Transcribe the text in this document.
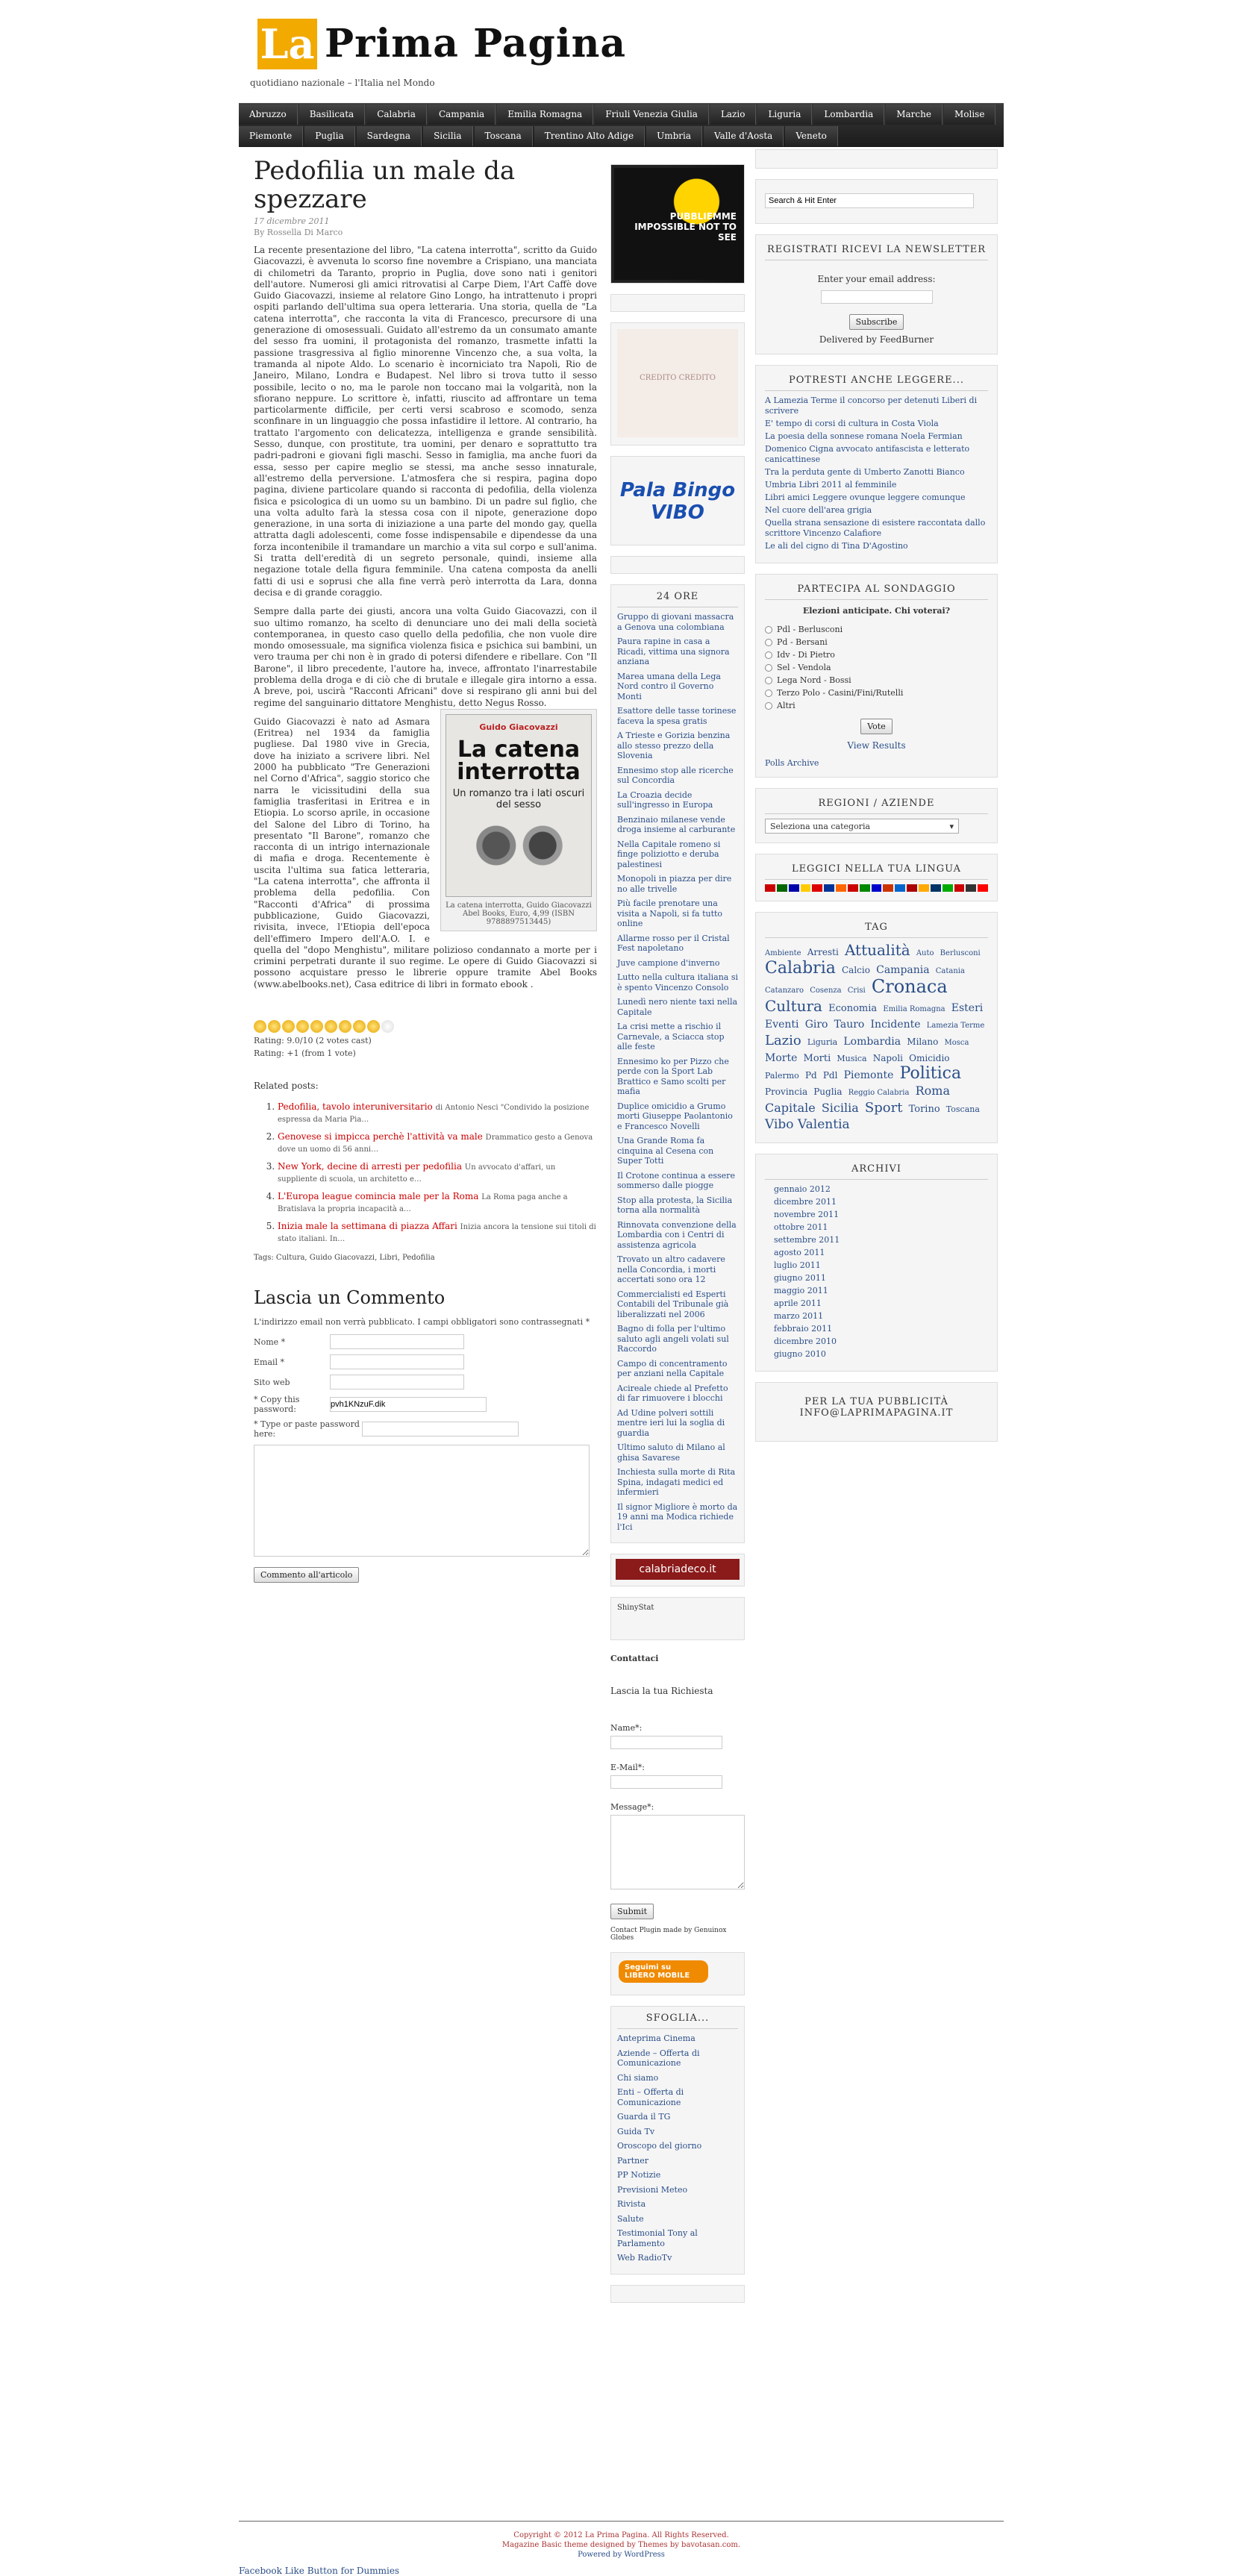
La Prima Pagina
quotidiano nazionale – l'Italia nel Mondo
Abruzzo	Basilicata	Calabria	Campania	Emilia Romagna	Friuli Venezia Giulia	Lazio	Liguria	Lombardia	Marche	Molise
Piemonte	Puglia	Sardegna	Sicilia	Toscana	Trentino Alto Adige	Umbria	Valle d'Aosta	Veneto
Pedofilia un male da spezzare
17 dicembre 2011
By Rossella Di Marco

La recente presentazione del libro, "La catena interrotta", scritto da Guido Giacovazzi, è avvenuta lo scorso fine novembre a Crispiano, una manciata di chilometri da Taranto, proprio in Puglia, dove sono nati i genitori dell'autore. Numerosi gli amici ritrovatisi al Carpe Diem, l'Art Caffè dove Guido Giacovazzi, insieme al relatore Gino Longo, ha intrattenuto i propri ospiti parlando dell'ultima sua opera letteraria. Una storia, quella de "La catena interrotta", che racconta la vita di Francesco, precursore di una generazione di omosessuali. Guidato all'estremo da un consumato amante del sesso fra uomini, il protagonista del romanzo, trasmette infatti la passione trasgressiva al figlio minorenne Vincenzo che, a sua volta, la tramanda al nipote Aldo. Lo scenario è incorniciato tra Napoli, Rio de Janeiro, Milano, Londra e Budapest. Nel libro si trova tutto il sesso possibile, lecito o no, ma le parole non toccano mai la volgarità, non la sfiorano neppure. Lo scrittore è, infatti, riuscito ad affrontare un tema particolarmente difficile, per certi versi scabroso e scomodo, senza sconfinare in un linguaggio che possa infastidire il lettore. Al contrario, ha trattato l'argomento con delicatezza, intelligenza e grande sensibilità. Sesso, dunque, con prostitute, tra uomini, per denaro e soprattutto tra padri-padroni e giovani figli maschi. Sesso in famiglia, ma anche fuori da essa, sesso per capire meglio se stessi, ma anche sesso innaturale, all'estremo della perversione. L'atmosfera che si respira, pagina dopo pagina, diviene particolare quando si racconta di pedofilia, della violenza fisica e psicologica di un uomo su un bambino. Di un padre sul figlio, che una volta adulto farà la stessa cosa con il nipote, generazione dopo generazione, in una sorta di iniziazione a una parte del mondo gay, quella attratta dagli adolescenti, come fosse indispensabile e dipendesse da una forza incontenibile il tramandare un marchio a vita sul corpo e sull'anima. Si tratta dell'eredità di un segreto personale, quindi, insieme alla negazione totale della figura femminile. Una catena composta da anelli fatti di usi e soprusi che alla fine verrà però interrotta da Lara, donna decisa e di grande coraggio.

Sempre dalla parte dei giusti, ancora una volta Guido Giacovazzi, con il suo ultimo romanzo, ha scelto di denunciare uno dei mali della società contemporanea, in questo caso quello della pedofilia, che non vuole dire mondo omosessuale, ma significa violenza fisica e psichica sui bambini, un vero trauma per chi non è in grado di potersi difendere e ribellare. Con "Il Barone", il libro precedente, l'autore ha, invece, affrontato l'inarrestabile problema della droga e di ciò che di brutale e illegale gira intorno a essa. A breve, poi, uscirà "Racconti Africani" dove si respirano gli anni bui del regime del sanguinario dittatore Menghistu, detto Negus Rosso.

Guido Giacovazzi
La catena interrotta
Un romanzo tra i lati oscuri del sesso
La catena interrotta, Guido Giacovazzi Abel Books, Euro, 4,99 (ISBN 9788897513445)

Guido Giacovazzi è nato ad Asmara (Eritrea) nel 1934 da famiglia pugliese. Dal 1980 vive in Grecia, dove ha iniziato a scrivere libri. Nel 2000 ha pubblicato "Tre Generazioni nel Corno d'Africa", saggio storico che narra le vicissitudini della sua famiglia trasferitasi in Eritrea e in Etiopia. Lo scorso aprile, in occasione del Salone del Libro di Torino, ha presentato "Il Barone", romanzo che racconta di un intrigo internazionale di mafia e droga. Recentemente è uscita l'ultima sua fatica letteraria, "La catena interrotta", che affronta il problema della pedofilia. Con "Racconti d'Africa" di prossima pubblicazione, Guido Giacovazzi, rivisita, invece, l'Etiopia dell'epoca dell'effimero Impero dell'A.O. I. e quella del "dopo Menghistu", militare polizioso condannato a morte per i crimini perpetrati durante il suo regime. Le opere di Guido Giacovazzi si possono acquistare presso le librerie oppure tramite Abel Books (www.abelbooks.net), Casa editrice di libri in formato ebook .

Rating: 9.0/10 (2 votes cast)
Rating: +1 (from 1 vote)
Related posts:
1. Pedofilia, tavolo interuniversitario di Antonio Nesci "Condivido la posizione espressa da Maria Pia…
2. Genovese si impicca perchè l'attività va male Drammatico gesto a Genova dove un uomo di 56 anni…
3. New York, decine di arresti per pedofilia Un avvocato d'affari, un suppliente di scuola, un architetto e…
4. L'Europa league comincia male per la Roma La Roma paga anche a Bratislava la propria incapacità a…
5. Inizia male la settimana di piazza Affari Inizia ancora la tensione sui titoli di stato italiani. In…
Tags: Cultura, Guido Giacovazzi, Libri, Pedofilia
Lascia un Commento
L'indirizzo email non verrà pubblicato. I campi obbligatori sono contrassegnati *
Nome *
Email *
Sito web
* Copy this password:
pvh1KNzuF.dik
* Type or paste password here:
Commento all'articolo
PUBBLIEMME IMPOSSIBLE NOT TO SEE
CREDITO CREDITO
Pala Bingo VIBO
24 ORE
Gruppo di giovani massacra a Genova una colombiana
Paura rapine in casa a Ricadi, vittima una signora anziana
Marea umana della Lega Nord contro il Governo Monti
Esattore delle tasse torinese faceva la spesa gratis
A Trieste e Gorizia benzina allo stesso prezzo della Slovenia
Ennesimo stop alle ricerche sul Concordia
La Croazia decide sull'ingresso in Europa
Benzinaio milanese vende droga insieme al carburante
Nella Capitale romeno si finge poliziotto e deruba palestinesi
Monopoli in piazza per dire no alle trivelle
Più facile prenotare una visita a Napoli, si fa tutto online
Allarme rosso per il Cristal Fest napoletano
Juve campione d'inverno
Lutto nella cultura italiana si è spento Vincenzo Consolo
Lunedì nero niente taxi nella Capitale
La crisi mette a rischio il Carnevale, a Sciacca stop alle feste
Ennesimo ko per Pizzo che perde con la Sport Lab Brattico e Samo scolti per mafia
Duplice omicidio a Grumo morti Giuseppe Paolantonio e Francesco Novelli
Una Grande Roma fa cinquina al Cesena con Super Totti
Il Crotone continua a essere sommerso dalle piogge
Stop alla protesta, la Sicilia torna alla normalità
Rinnovata convenzione della Lombardia con i Centri di assistenza agricola
Trovato un altro cadavere nella Concordia, i morti accertati sono ora 12
Commercialisti ed Esperti Contabili del Tribunale già liberalizzati nel 2006
Bagno di folla per l'ultimo saluto agli angeli volati sul Raccordo
Campo di concentramento per anziani nella Capitale
Acireale chiede al Prefetto di far rimuovere i blocchi
Ad Udine polveri sottili mentre ieri lui la soglia di guardia
Ultimo saluto di Milano al ghisa Savarese
Inchiesta sulla morte di Rita Spina, indagati medici ed infermieri
Il signor Migliore è morto da 19 anni ma Modica richiede l'Ici
calabriadeco.it
ShinyStat
Contattaci
Lascia la tua Richiesta
Name*:
E-Mail*:
Message*:
Submit
Contact Plugin made by Genuinox Globes
Seguimi su LIBERO MOBILE
SFOGLIA...
Anteprima Cinema
Aziende – Offerta di Comunicazione
Chi siamo
Enti – Offerta di Comunicazione
Guarda il TG
Guida Tv
Oroscopo del giorno
Partner
PP Notizie
Previsioni Meteo
Rivista
Salute
Testimonial Tony al Parlamento
Web RadioTv
Search & Hit Enter
REGISTRATI RICEVI LA NEWSLETTER
Enter your email address:
Subscribe
Delivered by FeedBurner
POTRESTI ANCHE LEGGERE...
A Lamezia Terme il concorso per detenuti Liberi di scrivere
E' tempo di corsi di cultura in Costa Viola
La poesia della sonnese romana Noela Fermian
Domenico Cigna avvocato antifascista e letterato canicattinese
Tra la perduta gente di Umberto Zanotti Bianco
Umbria Libri 2011 al femminile
Libri amici Leggere ovunque leggere comunque
Nel cuore dell'area grigia
Quella strana sensazione di esistere raccontata dallo scrittore Vincenzo Calafiore
Le ali del cigno di Tina D'Agostino
PARTECIPA AL SONDAGGIO
Elezioni anticipate. Chi voterai?
Pdl - Berlusconi
Pd - Bersani
Idv - Di Pietro
Sel - Vendola
Lega Nord - Bossi
Terzo Polo - Casini/Fini/Rutelli
Altri
Vote
View Results
Polls Archive
REGIONI / AZIENDE
Seleziona una categoria	▾
LEGGICI NELLA TUA LINGUA
TAG
Ambiente Arresti Attualità Auto Berlusconi Calabria Calcio Campania Catania Catanzaro Cosenza Crisi Cronaca Cultura Economia Emilia Romagna Esteri Eventi Giro Tauro Incidente Lamezia Terme Lazio Liguria Lombardia Milano Mosca Morte Morti Musica Napoli Omicidio Palermo Pd Pdl Piemonte Politica Provincia Puglia Reggio Calabria Roma Capitale Sicilia Sport Torino Toscana Vibo Valentia
ARCHIVI
gennaio 2012
dicembre 2011
novembre 2011
ottobre 2011
settembre 2011
agosto 2011
luglio 2011
giugno 2011
maggio 2011
aprile 2011
marzo 2011
febbraio 2011
dicembre 2010
giugno 2010
PER LA TUA PUBBLICITÀ INFO@LAPRIMAPAGINA.IT
Copyright © 2012 La Prima Pagina. All Rights Reserved.
Magazine Basic theme designed by Themes by bavotasan.com.
Powered by WordPress
Facebook Like Button for Dummies
